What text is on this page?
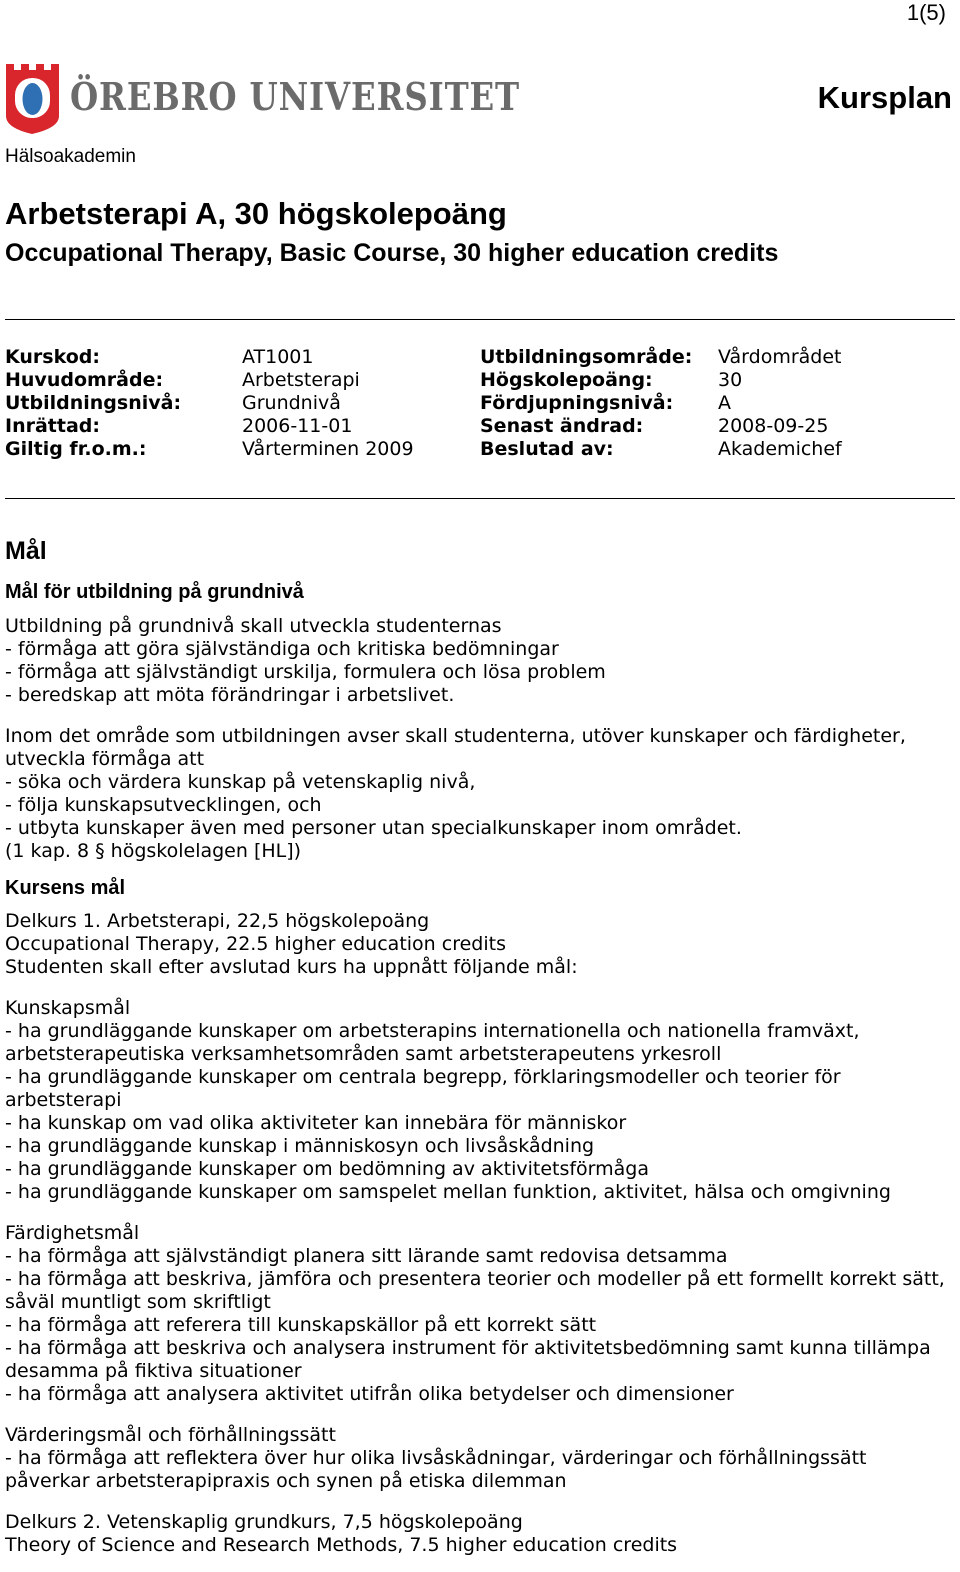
1(5)
ÖREBRO UNIVERSITET	Kursplan
Hälsoakademin
Arbetsterapi A, 30 högskolepoäng
Occupational Therapy, Basic Course, 30 higher education credits
Kurskod:	AT1001	Utbildningsområde: Vårdområdet
Huvudområde:	Arbetsterapi	Högskolepoäng:	30
Utbildningsnivå:	Grundnivå	Fördjupningsnivå: A
Inrättad:	2006-11-01	Senast ändrad:	2008-09-25
Giltig fr.o.m.:	Vårterminen 2009	Beslutad av:	Akademichef
Mål
Mål för utbildning på grundnivå
Utbildning på grundnivå skall utveckla studenternas
- förmåga att göra självständiga och kritiska bedömningar
- förmåga att självständigt urskilja, formulera och lösa problem
- beredskap att möta förändringar i arbetslivet.
Inom det område som utbildningen avser skall studenterna, utöver kunskaper och färdigheter,
utveckla förmåga att
- söka och värdera kunskap på vetenskaplig nivå,
- följa kunskapsutvecklingen, och
- utbyta kunskaper även med personer utan specialkunskaper inom området.
(1 kap. 8 § högskolelagen [HL])
Kursens mål
Delkurs 1. Arbetsterapi, 22,5 högskolepoäng
Occupational Therapy, 22.5 higher education credits
Studenten skall efter avslutad kurs ha uppnått följande mål:
Kunskapsmål
- ha grundläggande kunskaper om arbetsterapins internationella och nationella framväxt,
arbetsterapeutiska verksamhetsområden samt arbetsterapeutens yrkesroll
- ha grundläggande kunskaper om centrala begrepp, förklaringsmodeller och teorier för
arbetsterapi
- ha kunskap om vad olika aktiviteter kan innebära för människor
- ha grundläggande kunskap i människosyn och livsåskådning
- ha grundläggande kunskaper om bedömning av aktivitetsförmåga
- ha grundläggande kunskaper om samspelet mellan funktion, aktivitet, hälsa och omgivning
Färdighetsmål
- ha förmåga att självständigt planera sitt lärande samt redovisa detsamma
- ha förmåga att beskriva, jämföra och presentera teorier och modeller på ett formellt korrekt sätt,
såväl muntligt som skriftligt
- ha förmåga att referera till kunskapskällor på ett korrekt sätt
- ha förmåga att beskriva och analysera instrument för aktivitetsbedömning samt kunna tillämpa
desamma på fiktiva situationer
- ha förmåga att analysera aktivitet utifrån olika betydelser och dimensioner
Värderingsmål och förhållningssätt
- ha förmåga att reflektera över hur olika livsåskådningar, värderingar och förhållningssätt
påverkar arbetsterapipraxis och synen på etiska dilemman
Delkurs 2. Vetenskaplig grundkurs, 7,5 högskolepoäng
Theory of Science and Research Methods, 7.5 higher education credits
